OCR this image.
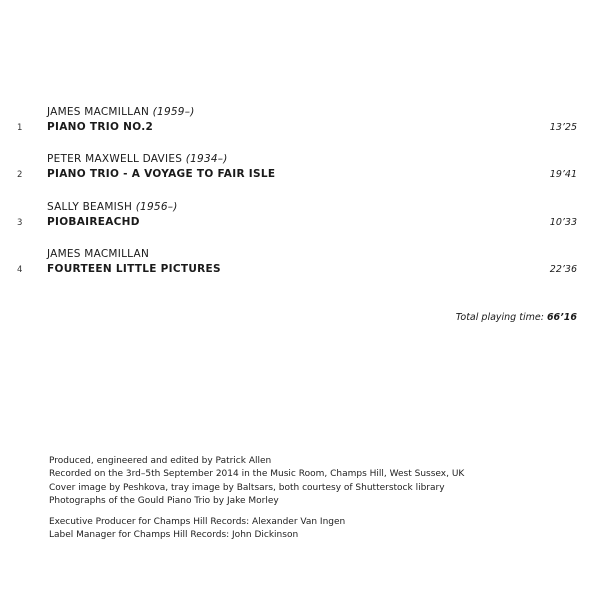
JAMES MACMILLAN (1959–)
1 PIANO TRIO NO.2	13’25
PETER MAXWELL DAVIES (1934–)
2 PIANO TRIO - A VOYAGE TO FAIR ISLE	19’41
SALLY BEAMISH (1956–)
3 PIOBAIREACHD	10’33
JAMES MACMILLAN
4 FOURTEEN LITTLE PICTURES	22’36
Total playing time: 66’16
Produced, engineered and edited by Patrick Allen
Recorded on the 3rd–5th September 2014 in the Music Room, Champs Hill, West Sussex, UK
Cover image by Peshkova, tray image by Baltsars, both courtesy of Shutterstock library
Photographs of the Gould Piano Trio by Jake Morley
Executive Producer for Champs Hill Records: Alexander Van Ingen
Label Manager for Champs Hill Records: John Dickinson
